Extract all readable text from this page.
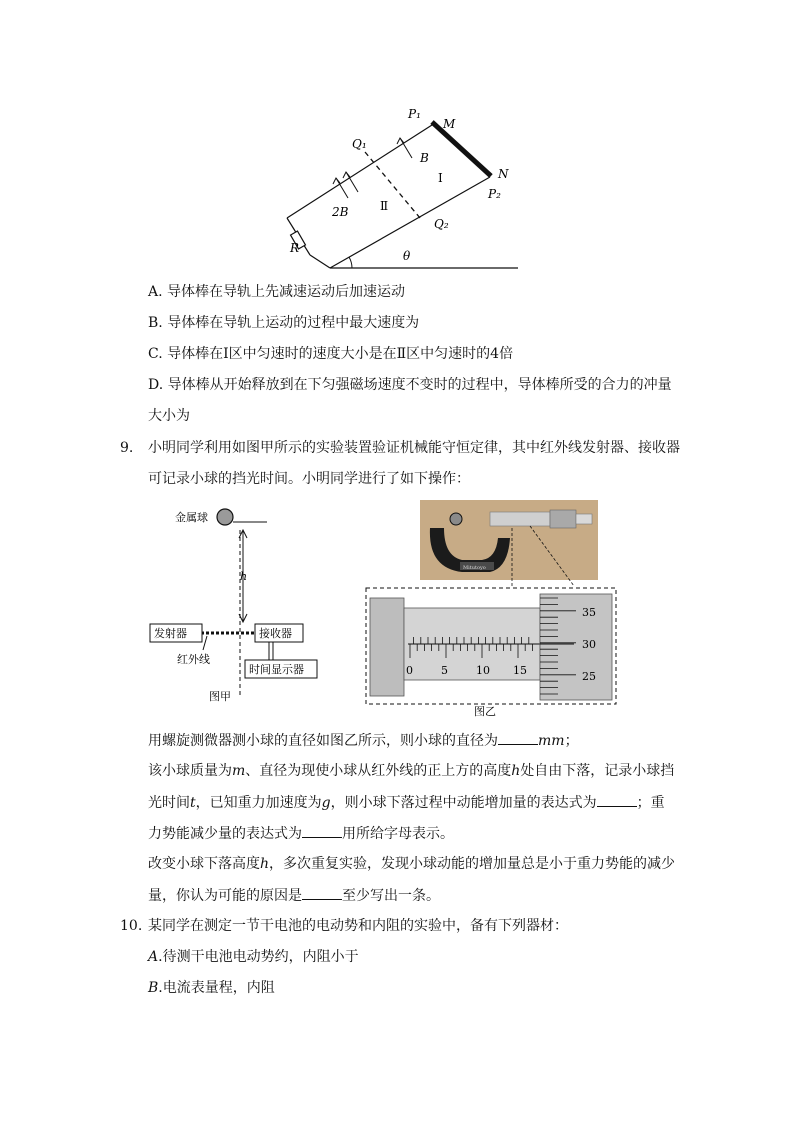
P₁
M
Q₁
B
Ⅰ	N
P₂
2B	Ⅱ
Q₂
R
θ
A. 导体棒在导轨上先减速运动后加速运动
B. 导体棒在导轨上运动的过程中最大速度为
C. 导体棒在Ⅰ区中匀速时的速度大小是在Ⅱ区中匀速时的4倍
D. 导体棒从开始释放到在下匀强磁场速度不变时的过程中，导体棒所受的合力的冲量
大小为
9. 小明同学利用如图甲所示的实验装置验证机械能守恒定律，其中红外线发射器、接收器
可记录小球的挡光时间。小明同学进行了如下操作：
h
金属球
发射器	接收器
红外线
时间显示器
图甲
Mitutoyo
0	5	10 15
35
30
25
图乙
用螺旋测微器测小球的直径如图乙所示，则小球的直径为	mm；
该小球质量为m、直径为现使小球从红外线的正上方的高度h处自由下落，记录小球挡
光时间t，已知重力加速度为g，则小球下落过程中动能增加量的表达式为	；重
力势能减少量的表达式为	用所给字母表示。
改变小球下落高度h，多次重复实验，发现小球动能的增加量总是小于重力势能的减少
量，你认为可能的原因是	至少写出一条。
10. 某同学在测定一节干电池的电动势和内阻的实验中，备有下列器材：
A.待测干电池电动势约，内阻小于
B.电流表量程，内阻
